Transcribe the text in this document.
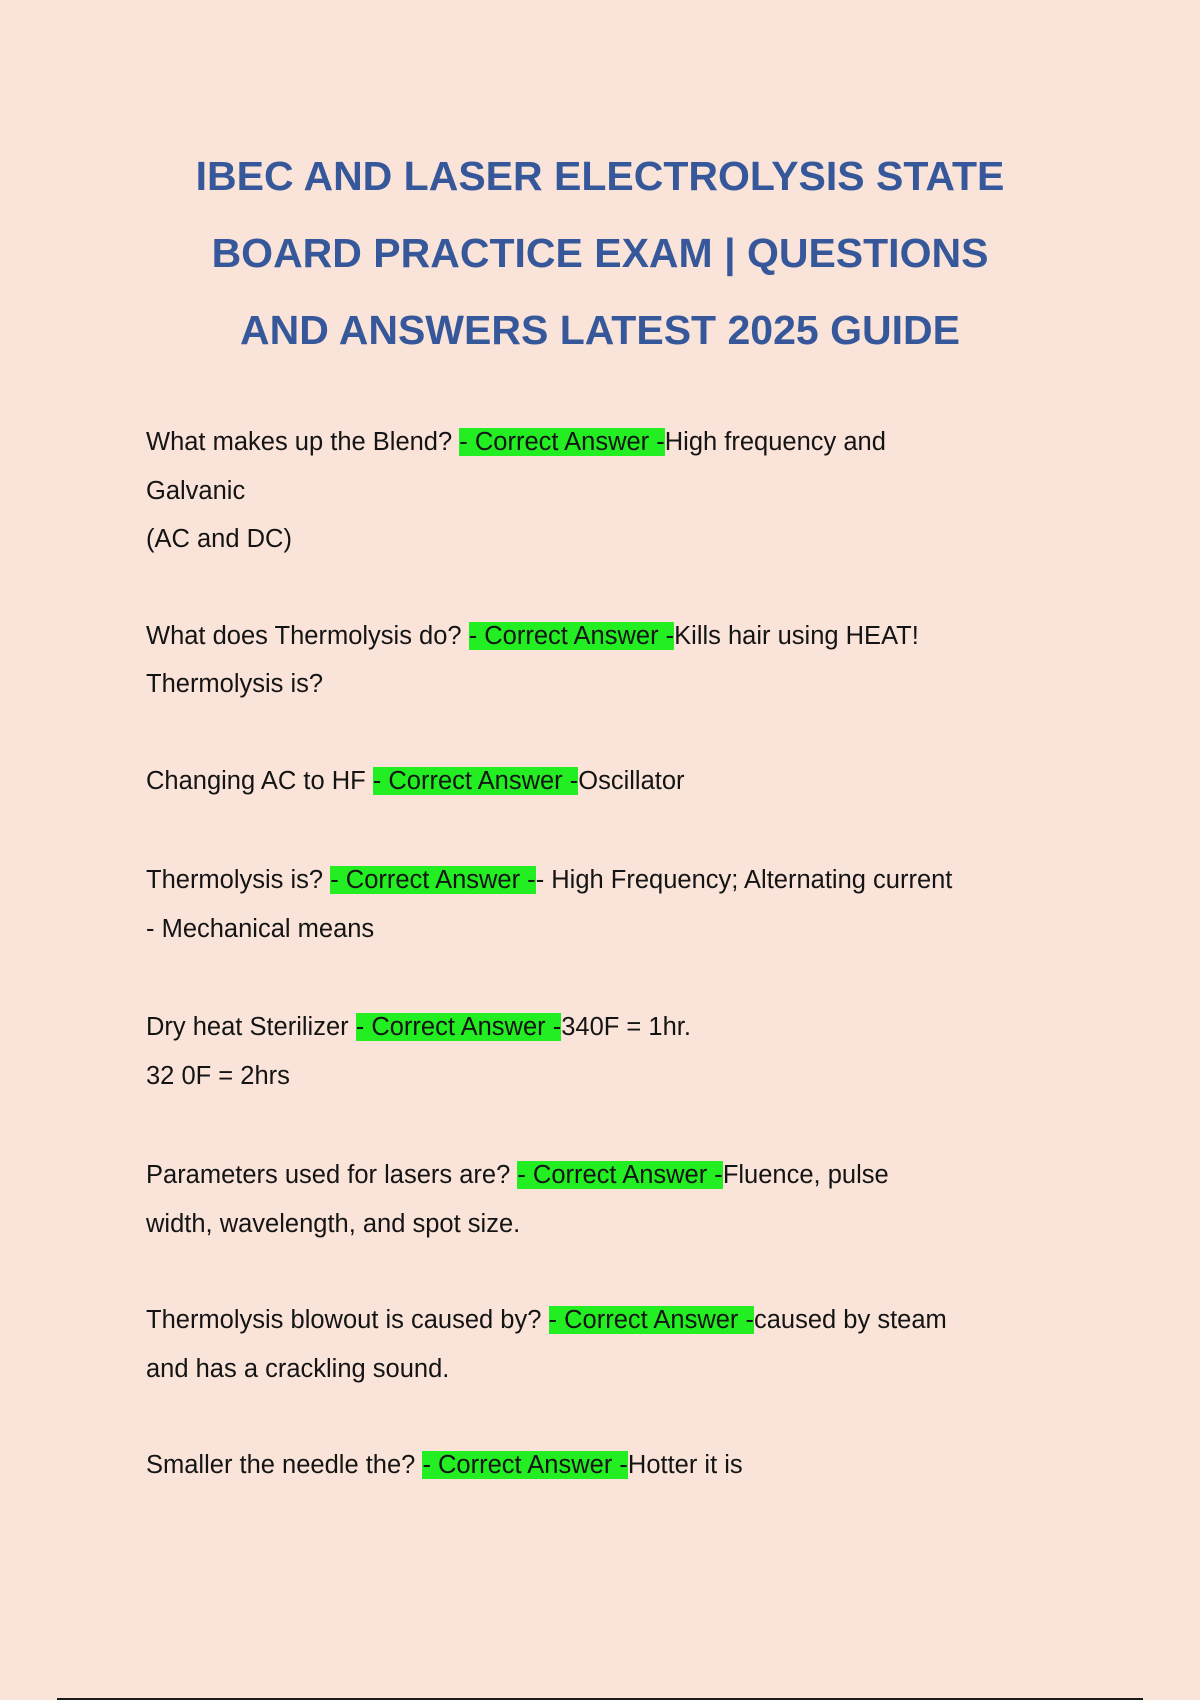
IBEC AND LASER ELECTROLYSIS STATE
BOARD PRACTICE EXAM | QUESTIONS
AND ANSWERS LATEST 2025 GUIDE
What makes up the Blend? - Correct Answer -High frequency and
Galvanic
(AC and DC)
What does Thermolysis do? - Correct Answer -Kills hair using HEAT!
Thermolysis is?
Changing AC to HF - Correct Answer -Oscillator
Thermolysis is? - Correct Answer -- High Frequency; Alternating current
- Mechanical means
Dry heat Sterilizer - Correct Answer -340F = 1hr.
32 0F = 2hrs
Parameters used for lasers are? - Correct Answer -Fluence, pulse
width, wavelength, and spot size.
Thermolysis blowout is caused by? - Correct Answer -caused by steam
and has a crackling sound.
Smaller the needle the? - Correct Answer -Hotter it is
